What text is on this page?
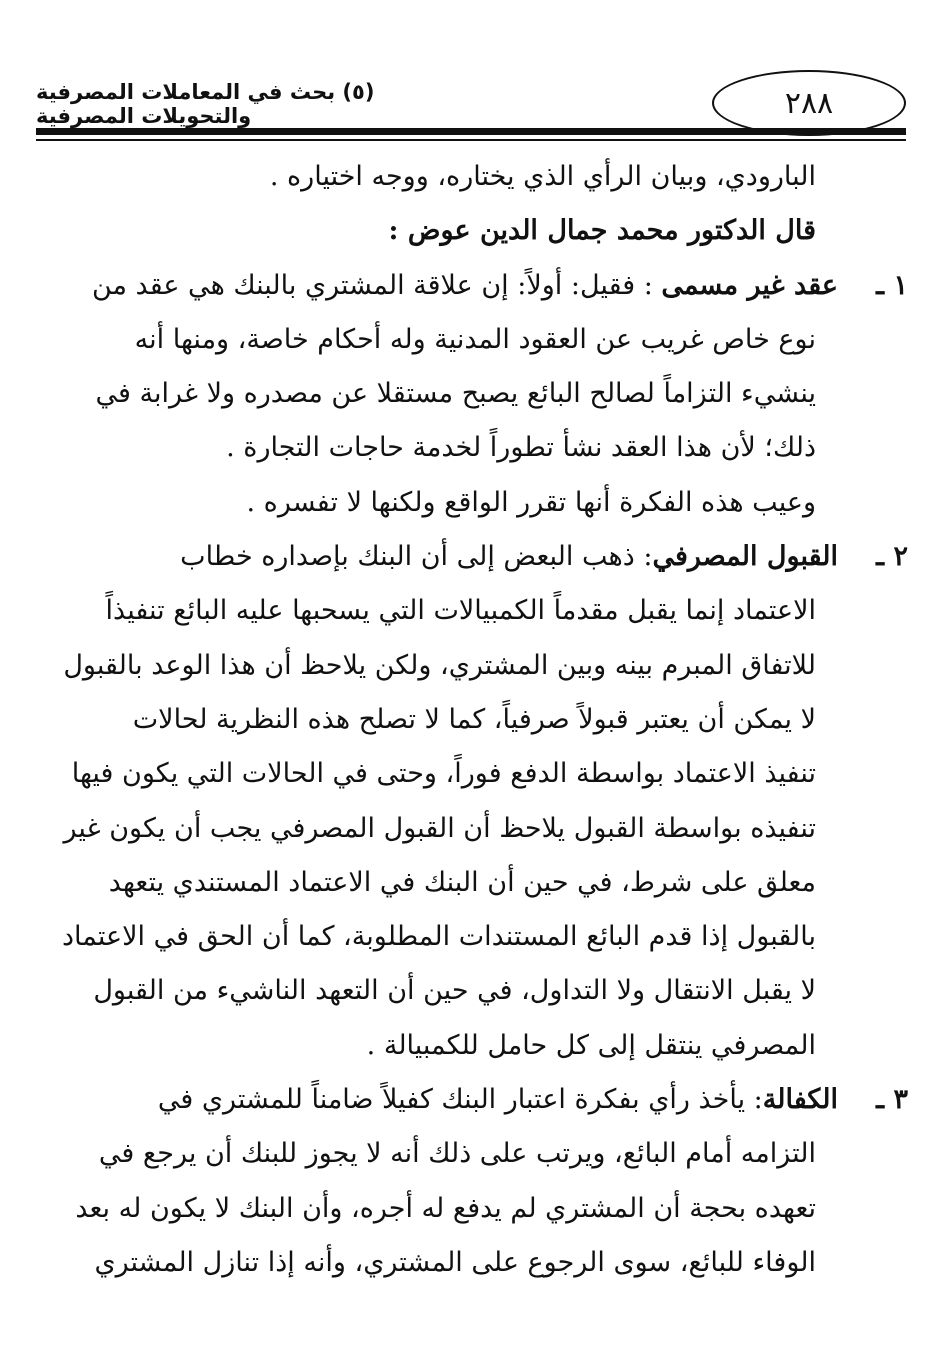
٢٨٨
(٥) بحث في المعاملات المصرفية والتحويلات المصرفية
البارودي، وبيان الرأي الذي يختاره، ووجه اختياره .
قال الدكتور محمد جمال الدين عوض :
١ ـعقد غير مسمى : فقيل: أولاً: إن علاقة المشتري بالبنك هي عقد من
نوع خاص غريب عن العقود المدنية وله أحكام خاصة، ومنها أنه
ينشيء التزاماً لصالح البائع يصبح مستقلا عن مصدره ولا غرابة في
ذلك؛ لأن هذا العقد نشأ تطوراً لخدمة حاجات التجارة .
وعيب هذه الفكرة أنها تقرر الواقع ولكنها لا تفسره .
٢ ـالقبول المصرفي: ذهب البعض إلى أن البنك بإصداره خطاب
الاعتماد إنما يقبل مقدماً الكمبيالات التي يسحبها عليه البائع تنفيذاً
للاتفاق المبرم بينه وبين المشتري، ولكن يلاحظ أن هذا الوعد بالقبول
لا يمكن أن يعتبر قبولاً صرفياً، كما لا تصلح هذه النظرية لحالات
تنفيذ الاعتماد بواسطة الدفع فوراً، وحتى في الحالات التي يكون فيها
تنفيذه بواسطة القبول يلاحظ أن القبول المصرفي يجب أن يكون غير
معلق على شرط، في حين أن البنك في الاعتماد المستندي يتعهد
بالقبول إذا قدم البائع المستندات المطلوبة، كما أن الحق في الاعتماد
لا يقبل الانتقال ولا التداول، في حين أن التعهد الناشيء من القبول
المصرفي ينتقل إلى كل حامل للكمبيالة .
٣ ـالكفالة: يأخذ رأي بفكرة اعتبار البنك كفيلاً ضامناً للمشتري في
التزامه أمام البائع، ويرتب على ذلك أنه لا يجوز للبنك أن يرجع في
تعهده بحجة أن المشتري لم يدفع له أجره، وأن البنك لا يكون له بعد
الوفاء للبائع، سوى الرجوع على المشتري، وأنه إذا تنازل المشتري
